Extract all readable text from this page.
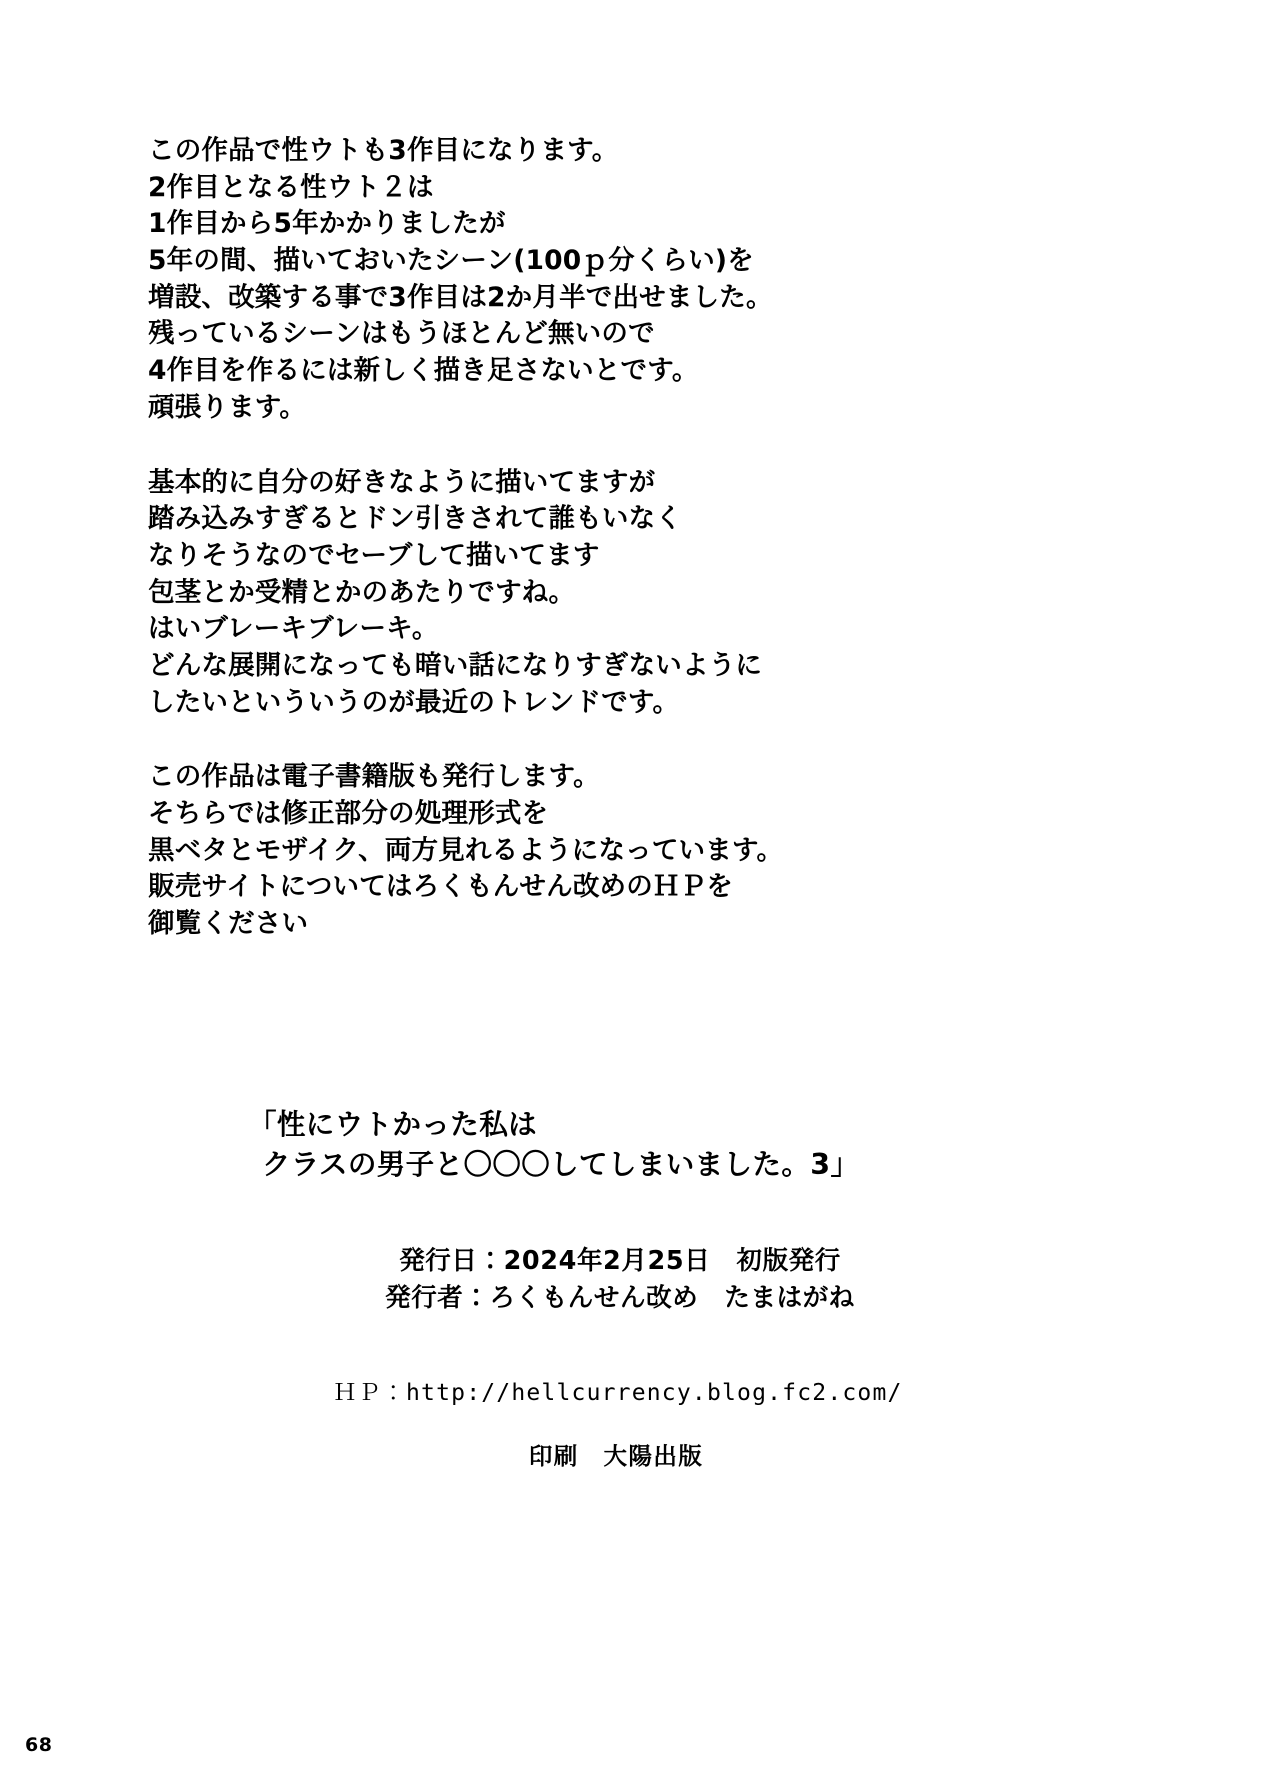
この作品で性ウトも3作目になります。
2作目となる性ウト２は
1作目から5年かかりましたが
5年の間、描いておいたシーン(100ｐ分くらい)を
増設、改築する事で3作目は2か月半で出せました。
残っているシーンはもうほとんど無いので
4作目を作るには新しく描き足さないとです。
頑張ります。
基本的に自分の好きなように描いてますが
踏み込みすぎるとドン引きされて誰もいなく
なりそうなのでセーブして描いてます
包茎とか受精とかのあたりですね。
はいブレーキブレーキ。
どんな展開になっても暗い話になりすぎないように
したいといういうのが最近のトレンドです。
この作品は電子書籍版も発行します。
そちらでは修正部分の処理形式を
黒ベタとモザイク、両方見れるようになっています。
販売サイトについてはろくもんせん改めのＨＰを
御覧ください
「性にウトかった私は
クラスの男子と〇〇〇してしまいました。3」
発行日：2024年2月25日　初版発行
発行者：ろくもんせん改め　たまはがね
ＨＰ：http://hellcurrency.blog.fc2.com/
印刷　大陽出版
68
